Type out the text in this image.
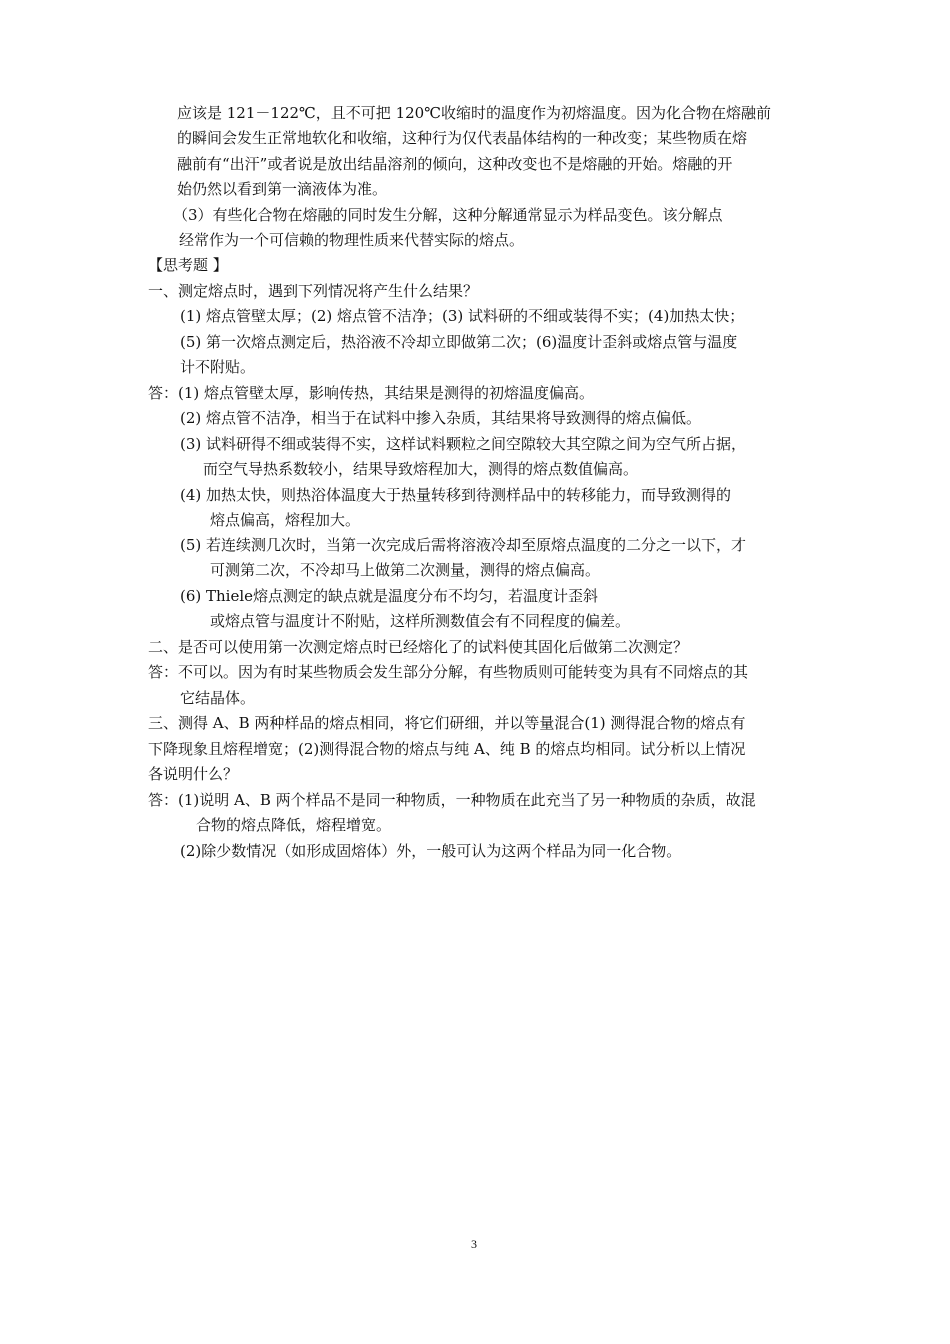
应该是 121－122℃，且不可把 120℃收缩时的温度作为初熔温度。因为化合物在熔融前
的瞬间会发生正常地软化和收缩，这种行为仅代表晶体结构的一种改变；某些物质在熔
融前有“出汗”或者说是放出结晶溶剂的倾向，这种改变也不是熔融的开始。熔融的开
始仍然以看到第一滴液体为准。
（3）有些化合物在熔融的同时发生分解，这种分解通常显示为样品变色。该分解点
经常作为一个可信赖的物理性质来代替实际的熔点。
【思考题 】
一、测定熔点时，遇到下列情况将产生什么结果？
(1) 熔点管壁太厚；(2) 熔点管不洁净；(3) 试料研的不细或装得不实；(4)加热太快；
(5) 第一次熔点测定后，热浴液不冷却立即做第二次；(6)温度计歪斜或熔点管与温度
计不附贴。
答：(1) 熔点管壁太厚，影响传热，其结果是测得的初熔温度偏高。
(2) 熔点管不洁净，相当于在试料中掺入杂质，其结果将导致测得的熔点偏低。
(3) 试料研得不细或装得不实，这样试料颗粒之间空隙较大其空隙之间为空气所占据，
而空气导热系数较小，结果导致熔程加大，测得的熔点数值偏高。
(4) 加热太快，则热浴体温度大于热量转移到待测样品中的转移能力，而导致测得的
熔点偏高，熔程加大。
(5) 若连续测几次时，当第一次完成后需将溶液冷却至原熔点温度的二分之一以下，才
可测第二次，不冷却马上做第二次测量，测得的熔点偏高。
(6) Thiele熔点测定的缺点就是温度分布不均匀，若温度计歪斜
或熔点管与温度计不附贴，这样所测数值会有不同程度的偏差。
二、是否可以使用第一次测定熔点时已经熔化了的试料使其固化后做第二次测定？
答：不可以。因为有时某些物质会发生部分分解，有些物质则可能转变为具有不同熔点的其
它结晶体。
三、测得 A、B 两种样品的熔点相同，将它们研细，并以等量混合(1) 测得混合物的熔点有
下降现象且熔程增宽；(2)测得混合物的熔点与纯 A、纯 B 的熔点均相同。试分析以上情况
各说明什么？
答：(1)说明 A、B 两个样品不是同一种物质，一种物质在此充当了另一种物质的杂质，故混
合物的熔点降低，熔程增宽。
(2)除少数情况（如形成固熔体）外，一般可认为这两个样品为同一化合物。
3
